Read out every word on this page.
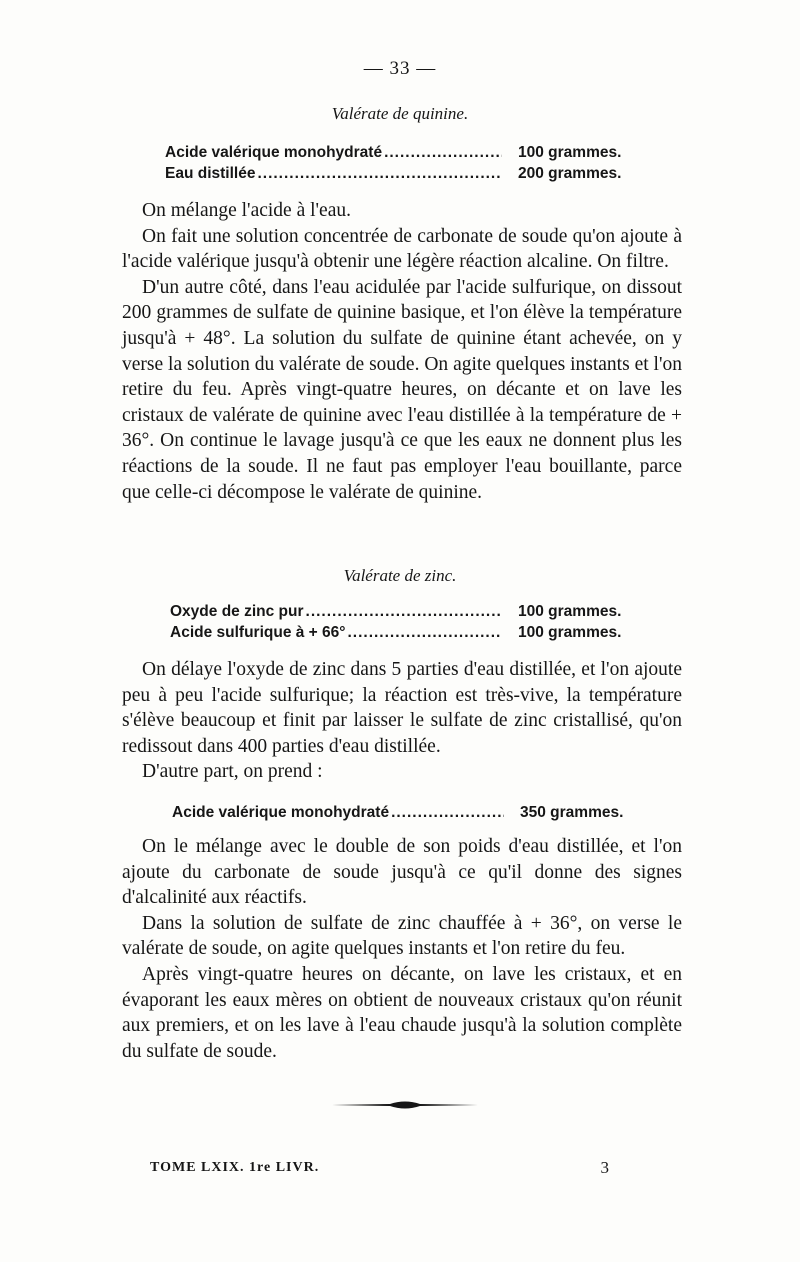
— 33 —
Valérate de quinine.
Acide valérique monohydraté .....	100 grammes.
Eau distillée .....	200 grammes.

On mélange l'acide à l'eau.

On fait une solution concentrée de carbonate de soude qu'on ajoute à l'acide valérique jusqu'à obtenir une légère réaction alcaline. On filtre.

D'un autre côté, dans l'eau acidulée par l'acide sulfurique, on dissout 200 grammes de sulfate de quinine basique, et l'on élève la température jusqu'à + 48°. La solution du sulfate de quinine étant achevée, on y verse la solution du valérate de soude. On agite quelques instants et l'on retire du feu. Après vingt-quatre heures, on décante et on lave les cristaux de valérate de quinine avec l'eau distillée à la température de + 36°. On continue le lavage jusqu'à ce que les eaux ne donnent plus les réactions de la soude. Il ne faut pas employer l'eau bouillante, parce que celle-ci décompose le valérate de quinine.

Valérate de zinc.
Oxyde de zinc pur .....	100 grammes.
Acide sulfurique à + 66° .....	100 grammes.

On délaye l'oxyde de zinc dans 5 parties d'eau distillée, et l'on ajoute peu à peu l'acide sulfurique; la réaction est très-vive, la température s'élève beaucoup et finit par laisser le sulfate de zinc cristallisé, qu'on redissout dans 400 parties d'eau distillée.

D'autre part, on prend :

Acide valérique monohydraté .....	350 grammes.

On le mélange avec le double de son poids d'eau distillée, et l'on ajoute du carbonate de soude jusqu'à ce qu'il donne des signes d'alcalinité aux réactifs.

Dans la solution de sulfate de zinc chauffée à + 36°, on verse le valérate de soude, on agite quelques instants et l'on retire du feu.

Après vingt-quatre heures on décante, on lave les cristaux, et en évaporant les eaux mères on obtient de nouveaux cristaux qu'on réunit aux premiers, et on les lave à l'eau chaude jusqu'à la solution complète du sulfate de soude.

TOME LXIX. 1re LIVR.	3
